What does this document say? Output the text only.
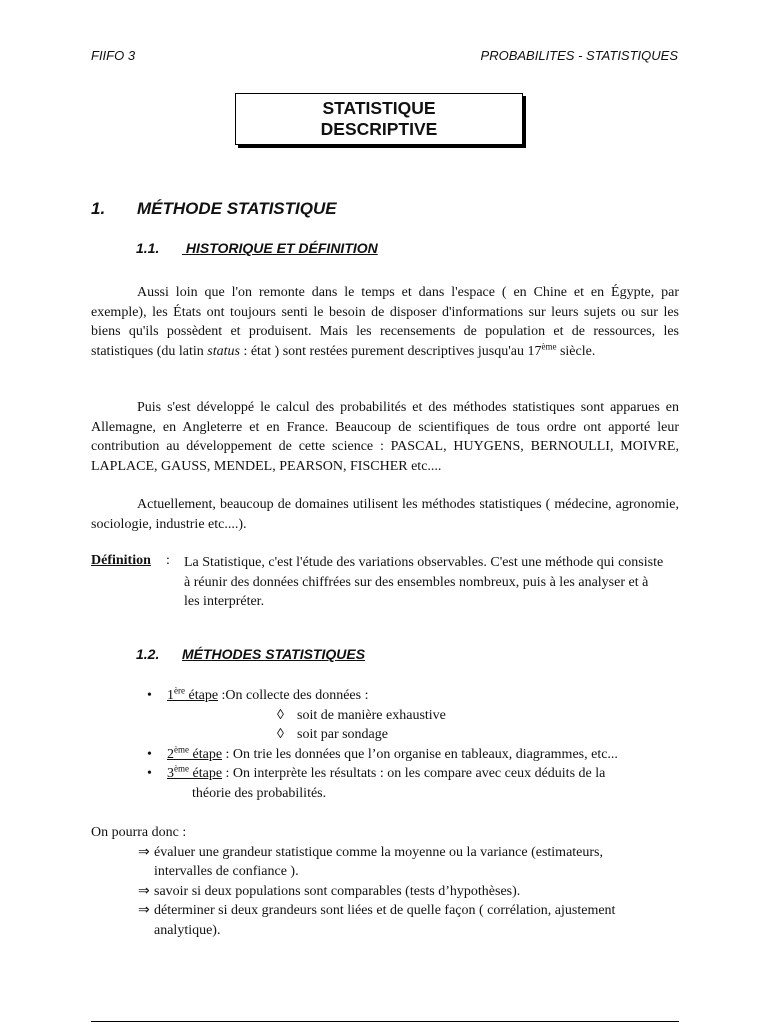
FIIFO 3	PROBABILITES - STATISTIQUES
STATISTIQUE
DESCRIPTIVE
1. MÉTHODE STATISTIQUE
1.1. HISTORIQUE ET DÉFINITION
Aussi loin que l'on remonte dans le temps et dans l'espace ( en Chine et en Égypte, par exemple), les États ont toujours senti le besoin de disposer d'informations sur leurs sujets ou sur les biens qu'ils possèdent et produisent. Mais les recensements de population et de ressources, les statistiques (du latin status : état ) sont restées purement descriptives jusqu'au 17ème siècle.
Puis s'est développé le calcul des probabilités et des méthodes statistiques sont apparues en Allemagne, en Angleterre et en France. Beaucoup de scientifiques de tous ordre ont apporté leur contribution au développement de cette science : PASCAL, HUYGENS, BERNOULLI, MOIVRE, LAPLACE, GAUSS, MENDEL, PEARSON, FISCHER etc....
Actuellement, beaucoup de domaines utilisent les méthodes statistiques ( médecine, agronomie, sociologie, industrie etc....).
Définition : La Statistique, c'est l'étude des variations observables. C'est une méthode qui consiste à réunir des données chiffrées sur des ensembles nombreux, puis à les analyser et à les interpréter.
1.2. MÉTHODES STATISTIQUES
• 1ère étape :On collecte des données :
◊ soit de manière exhaustive
◊ soit par sondage
• 2ème étape : On trie les données que l’on organise en tableaux, diagrammes, etc...
• 3ème étape : On interprète les résultats : on les compare avec ceux déduits de la
théorie des probabilités.
On pourra donc :
⇒ évaluer une grandeur statistique comme la moyenne ou la variance (estimateurs,
intervalles de confiance ).
⇒ savoir si deux populations sont comparables (tests d’hypothèses).
⇒ déterminer si deux grandeurs sont liées et de quelle façon ( corrélation, ajustement
analytique).
